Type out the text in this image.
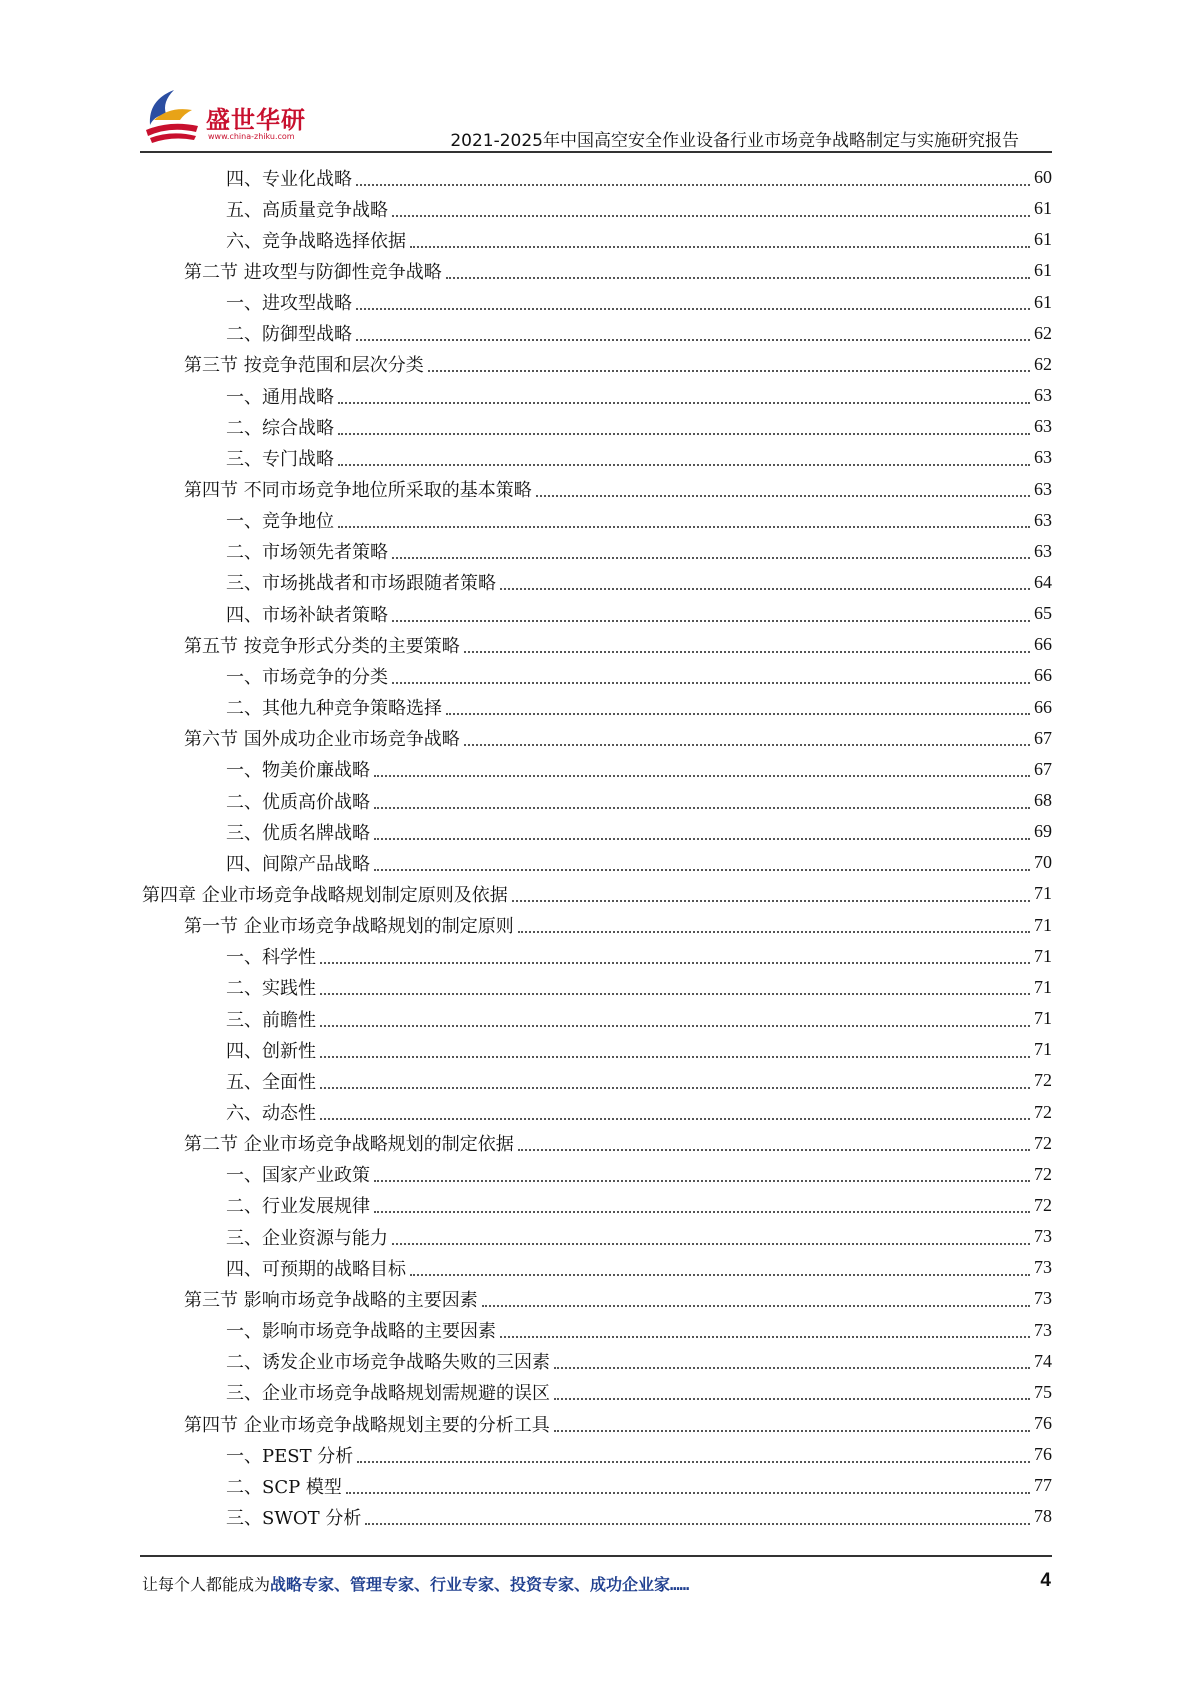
盛世华研
www.china-zhiku.com	2021-2025年中国高空安全作业设备行业市场竞争战略制定与实施研究报告
四、专业化战略	60
五、高质量竞争战略	61
六、竞争战略选择依据	61
第二节 进攻型与防御性竞争战略	61
一、进攻型战略	61
二、防御型战略	62
第三节 按竞争范围和层次分类	62
一、通用战略	63
二、综合战略	63
三、专门战略	63
第四节 不同市场竞争地位所采取的基本策略	63
一、竞争地位	63
二、市场领先者策略	63
三、市场挑战者和市场跟随者策略	64
四、市场补缺者策略	65
第五节 按竞争形式分类的主要策略	66
一、市场竞争的分类	66
二、其他九种竞争策略选择	66
第六节 国外成功企业市场竞争战略	67
一、物美价廉战略	67
二、优质高价战略	68
三、优质名牌战略	69
四、间隙产品战略	70
第四章 企业市场竞争战略规划制定原则及依据	71
第一节 企业市场竞争战略规划的制定原则	71
一、科学性	71
二、实践性	71
三、前瞻性	71
四、创新性	71
五、全面性	72
六、动态性	72
第二节 企业市场竞争战略规划的制定依据	72
一、国家产业政策	72
二、行业发展规律	72
三、企业资源与能力	73
四、可预期的战略目标	73
第三节 影响市场竞争战略的主要因素	73
一、影响市场竞争战略的主要因素	73
二、诱发企业市场竞争战略失败的三因素	74
三、企业市场竞争战略规划需规避的误区	75
第四节 企业市场竞争战略规划主要的分析工具	76
一、PEST 分析	76
二、SCP 模型	77
三、SWOT 分析	78
让每个人都能成为战略专家、管理专家、行业专家、投资专家、成功企业家……	4
